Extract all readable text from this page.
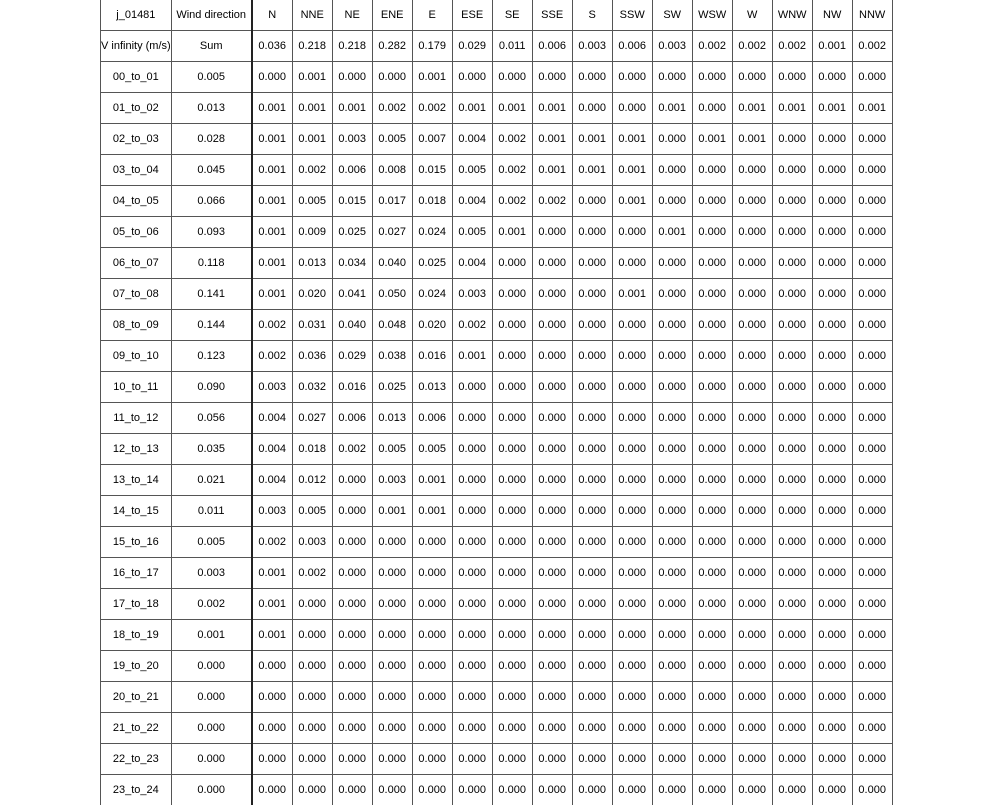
j_01481	Wind direction	N	NNE	NE	ENE	E	ESE	SE	SSE	S	SSW	SW	WSW	W	WNW	NW	NNW
V infinity (m/s)	Sum	0.036	0.218	0.218	0.282	0.179	0.029	0.011	0.006	0.003	0.006	0.003	0.002	0.002	0.002	0.001	0.002
00_to_01	0.005	0.000	0.001	0.000	0.000	0.001	0.000	0.000	0.000	0.000	0.000	0.000	0.000	0.000	0.000	0.000	0.000
01_to_02	0.013	0.001	0.001	0.001	0.002	0.002	0.001	0.001	0.001	0.000	0.000	0.001	0.000	0.001	0.001	0.001	0.001
02_to_03	0.028	0.001	0.001	0.003	0.005	0.007	0.004	0.002	0.001	0.001	0.001	0.000	0.001	0.001	0.000	0.000	0.000
03_to_04	0.045	0.001	0.002	0.006	0.008	0.015	0.005	0.002	0.001	0.001	0.001	0.000	0.000	0.000	0.000	0.000	0.000
04_to_05	0.066	0.001	0.005	0.015	0.017	0.018	0.004	0.002	0.002	0.000	0.001	0.000	0.000	0.000	0.000	0.000	0.000
05_to_06	0.093	0.001	0.009	0.025	0.027	0.024	0.005	0.001	0.000	0.000	0.000	0.001	0.000	0.000	0.000	0.000	0.000
06_to_07	0.118	0.001	0.013	0.034	0.040	0.025	0.004	0.000	0.000	0.000	0.000	0.000	0.000	0.000	0.000	0.000	0.000
07_to_08	0.141	0.001	0.020	0.041	0.050	0.024	0.003	0.000	0.000	0.000	0.001	0.000	0.000	0.000	0.000	0.000	0.000
08_to_09	0.144	0.002	0.031	0.040	0.048	0.020	0.002	0.000	0.000	0.000	0.000	0.000	0.000	0.000	0.000	0.000	0.000
09_to_10	0.123	0.002	0.036	0.029	0.038	0.016	0.001	0.000	0.000	0.000	0.000	0.000	0.000	0.000	0.000	0.000	0.000
10_to_11	0.090	0.003	0.032	0.016	0.025	0.013	0.000	0.000	0.000	0.000	0.000	0.000	0.000	0.000	0.000	0.000	0.000
11_to_12	0.056	0.004	0.027	0.006	0.013	0.006	0.000	0.000	0.000	0.000	0.000	0.000	0.000	0.000	0.000	0.000	0.000
12_to_13	0.035	0.004	0.018	0.002	0.005	0.005	0.000	0.000	0.000	0.000	0.000	0.000	0.000	0.000	0.000	0.000	0.000
13_to_14	0.021	0.004	0.012	0.000	0.003	0.001	0.000	0.000	0.000	0.000	0.000	0.000	0.000	0.000	0.000	0.000	0.000
14_to_15	0.011	0.003	0.005	0.000	0.001	0.001	0.000	0.000	0.000	0.000	0.000	0.000	0.000	0.000	0.000	0.000	0.000
15_to_16	0.005	0.002	0.003	0.000	0.000	0.000	0.000	0.000	0.000	0.000	0.000	0.000	0.000	0.000	0.000	0.000	0.000
16_to_17	0.003	0.001	0.002	0.000	0.000	0.000	0.000	0.000	0.000	0.000	0.000	0.000	0.000	0.000	0.000	0.000	0.000
17_to_18	0.002	0.001	0.000	0.000	0.000	0.000	0.000	0.000	0.000	0.000	0.000	0.000	0.000	0.000	0.000	0.000	0.000
18_to_19	0.001	0.001	0.000	0.000	0.000	0.000	0.000	0.000	0.000	0.000	0.000	0.000	0.000	0.000	0.000	0.000	0.000
19_to_20	0.000	0.000	0.000	0.000	0.000	0.000	0.000	0.000	0.000	0.000	0.000	0.000	0.000	0.000	0.000	0.000	0.000
20_to_21	0.000	0.000	0.000	0.000	0.000	0.000	0.000	0.000	0.000	0.000	0.000	0.000	0.000	0.000	0.000	0.000	0.000
21_to_22	0.000	0.000	0.000	0.000	0.000	0.000	0.000	0.000	0.000	0.000	0.000	0.000	0.000	0.000	0.000	0.000	0.000
22_to_23	0.000	0.000	0.000	0.000	0.000	0.000	0.000	0.000	0.000	0.000	0.000	0.000	0.000	0.000	0.000	0.000	0.000
23_to_24	0.000	0.000	0.000	0.000	0.000	0.000	0.000	0.000	0.000	0.000	0.000	0.000	0.000	0.000	0.000	0.000	0.000
